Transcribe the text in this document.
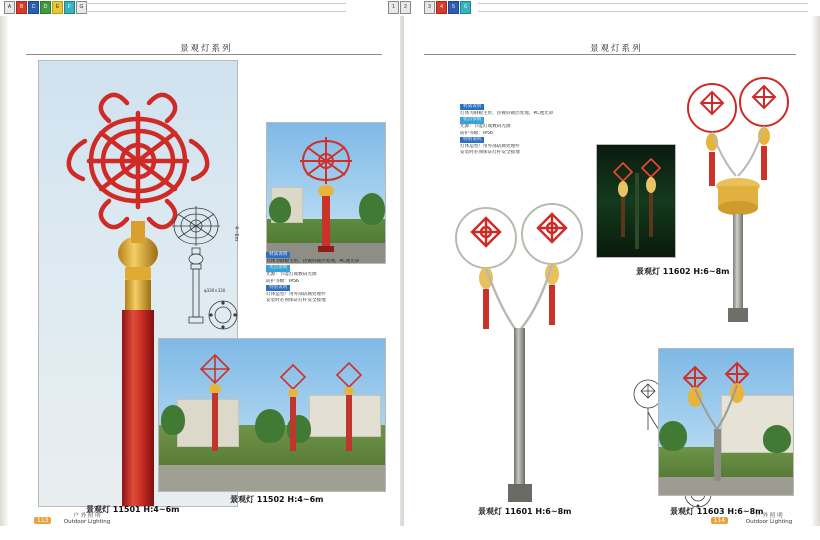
A	B	C	D	E	F	G	1	2	3	4	5	6
景观灯系列
4~6m
φ330×330
材质说明
灯体为钢板主形，热镀锌镀层处理，PC透光罩
优点参数
光源：节能灯或数码光源
防护等级：IP56
特别说明
灯体造型厂用外部防腐处理件
安装时必须保证灯杆安全接地
景观灯 11501 H:4~6m
景观灯 11502 H:4~6m
113
户 外 照 明
Outdoor Lighting
景观灯系列
材质说明
灯体为钢板主形，热镀锌镀层处理，PC透光罩
优点参数
光源：节能灯或数码光源
防护等级：IP56
特别说明
灯体造型厂用外部防腐处理件
安装时必须保证灯杆安全接地
景观灯 11602 H:6~8m
景观灯 11601 H:6~8m	景观灯 11603 H:6~8m
114
户 外 照 明
Outdoor Lighting
